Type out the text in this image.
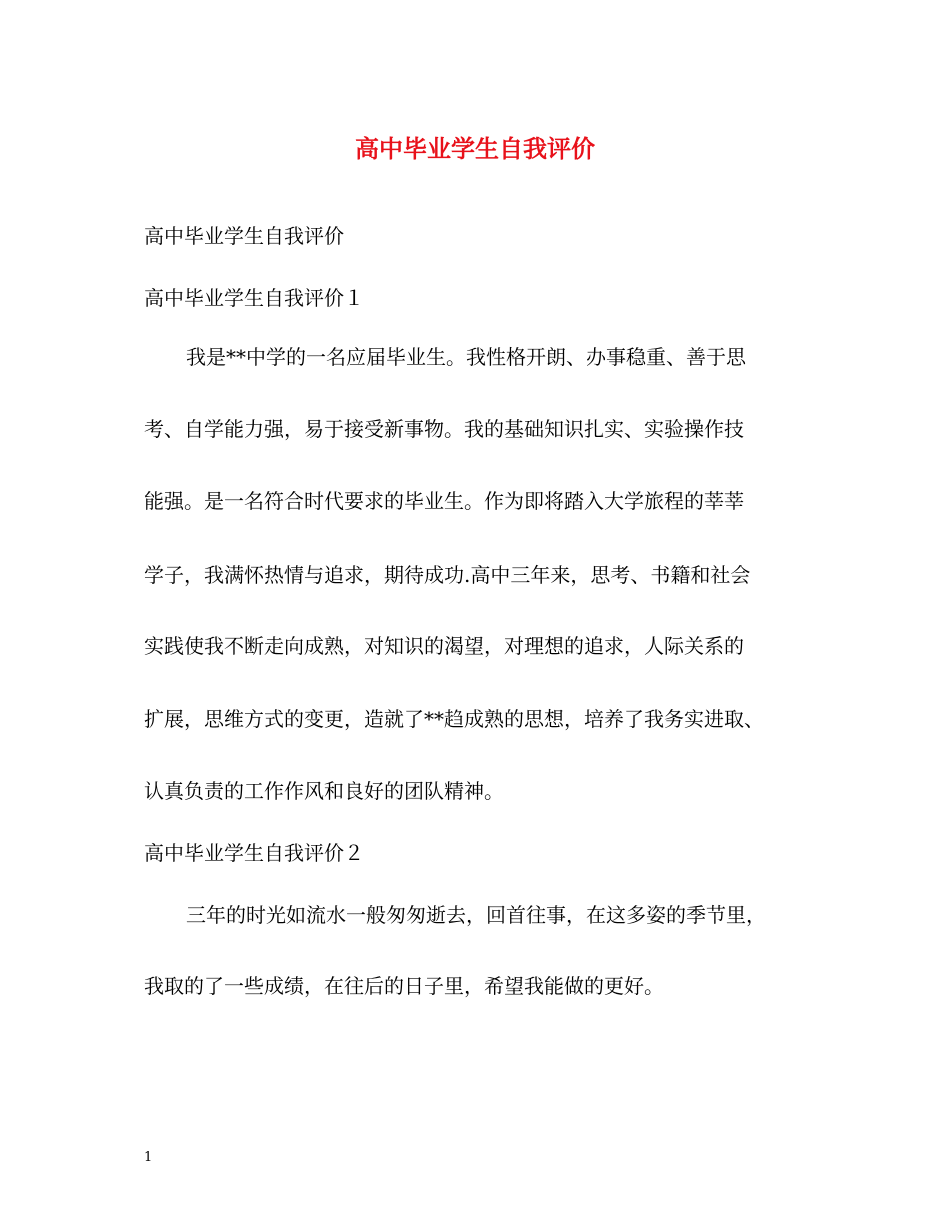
高中毕业学生自我评价
高中毕业学生自我评价
高中毕业学生自我评价１
我是**中学的一名应届毕业生。我性格开朗、办事稳重、善于思
考、自学能力强，易于接受新事物。我的基础知识扎实、实验操作技
能强。是一名符合时代要求的毕业生。作为即将踏入大学旅程的莘莘
学子，我满怀热情与追求，期待成功.高中三年来，思考、书籍和社会
实践使我不断走向成熟，对知识的渴望，对理想的追求，人际关系的
扩展，思维方式的变更，造就了**趋成熟的思想，培养了我务实进取、
认真负责的工作作风和良好的团队精神。
高中毕业学生自我评价２
三年的时光如流水一般匆匆逝去，回首往事，在这多姿的季节里，
我取的了一些成绩，在往后的日子里，希望我能做的更好。
1
